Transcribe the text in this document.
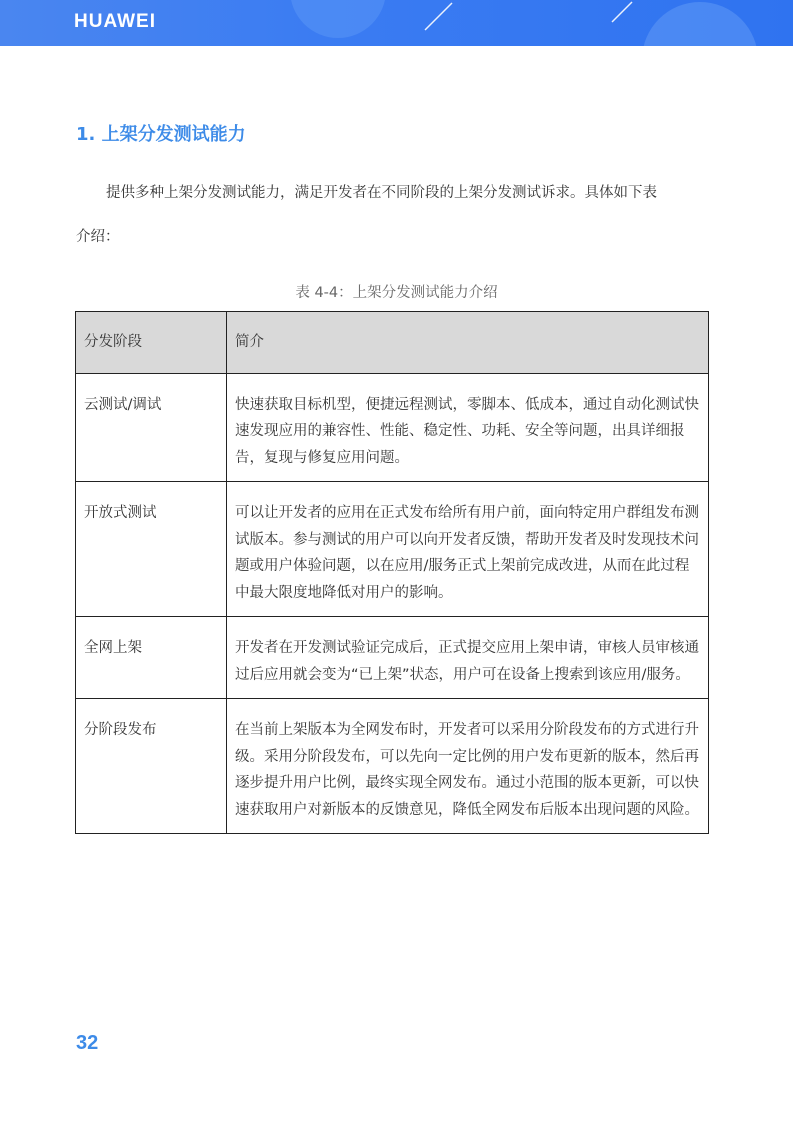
HUAWEI
1. 上架分发测试能力
提供多种上架分发测试能力，满足开发者在不同阶段的上架分发测试诉求。具体如下表
介绍：
表 4-4：上架分发测试能力介绍
分发阶段	简介
云测试/调试	快速获取目标机型，便捷远程测试，零脚本、低成本，通过自动化测试快速发现应用的兼容性、性能、稳定性、功耗、安全等问题，出具详细报告，复现与修复应用问题。
开放式测试	可以让开发者的应用在正式发布给所有用户前，面向特定用户群组发布测试版本。参与测试的用户可以向开发者反馈，帮助开发者及时发现技术问题或用户体验问题，以在应用/服务正式上架前完成改进，从而在此过程中最大限度地降低对用户的影响。
全网上架	开发者在开发测试验证完成后，正式提交应用上架申请，审核人员审核通过后应用就会变为“已上架”状态，用户可在设备上搜索到该应用/服务。
分阶段发布	在当前上架版本为全网发布时，开发者可以采用分阶段发布的方式进行升级。采用分阶段发布，可以先向一定比例的用户发布更新的版本，然后再逐步提升用户比例，最终实现全网发布。通过小范围的版本更新，可以快速获取用户对新版本的反馈意见，降低全网发布后版本出现问题的风险。
32
